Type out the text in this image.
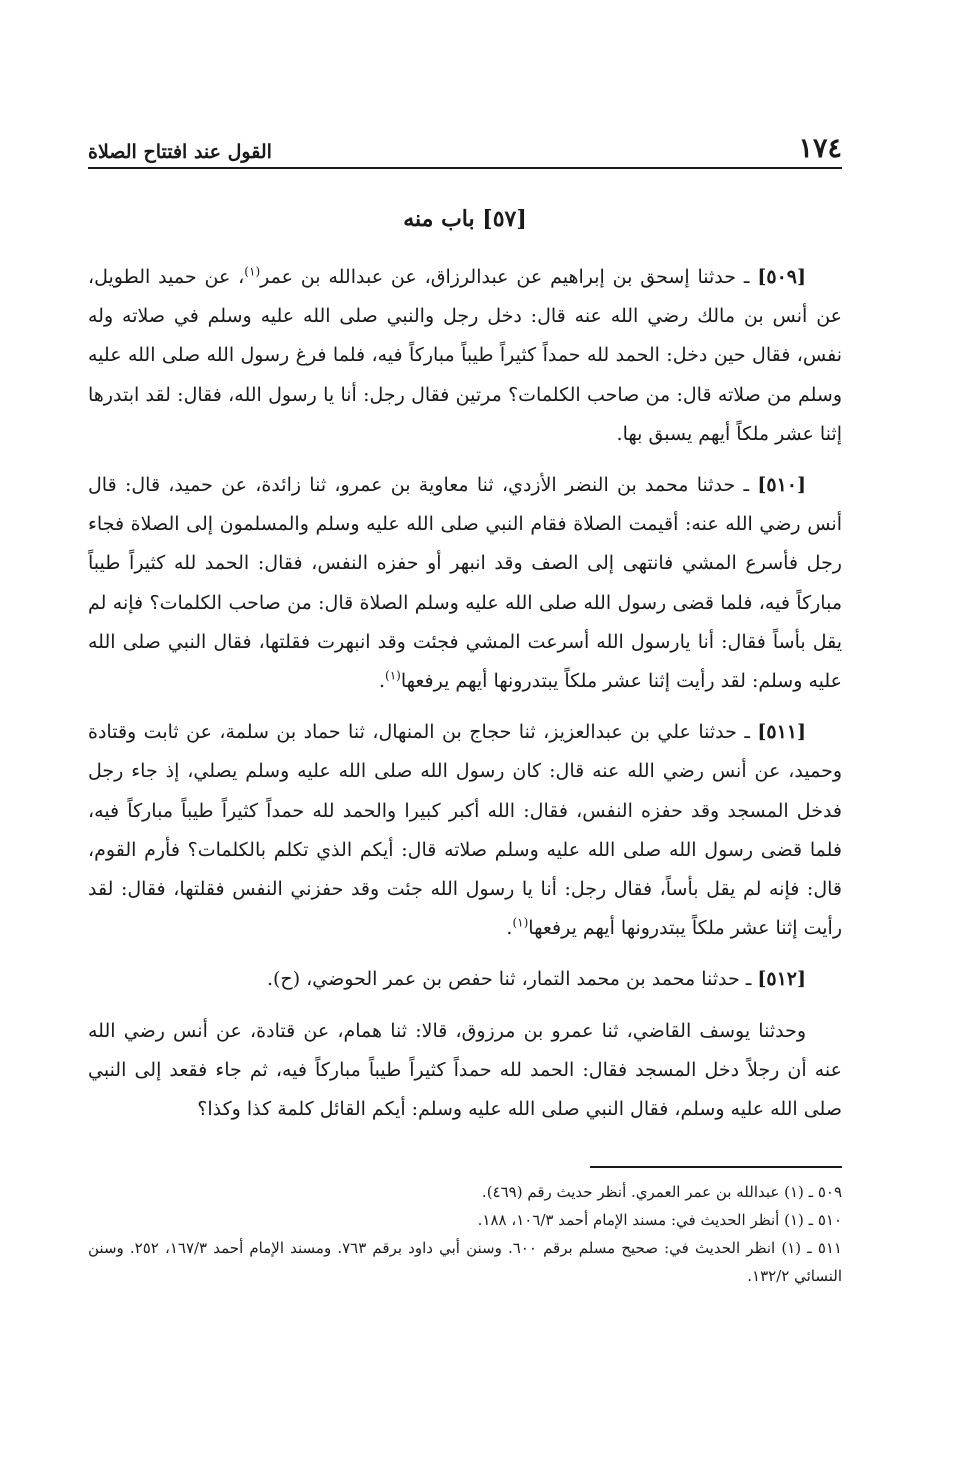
١٧٤
القول عند افتتاح الصلاة
[٥٧] باب منه

[٥٠٩] ـ حدثنا إسحق بن إبراهيم عن عبدالرزاق، عن عبدالله بن عمر$^{(١)}$، عن حميد الطويل، عن أنس بن مالك رضي الله عنه قال: دخل رجل والنبي صلى الله عليه وسلم في صلاته وله نفس، فقال حين دخل: الحمد لله حمداً كثيراً طيباً مباركاً فيه، فلما فرغ رسول الله صلى الله عليه وسلم من صلاته قال: من صاحب الكلمات؟ مرتين فقال رجل: أنا يا رسول الله، فقال: لقد ابتدرها إثنا عشر ملكاً أيهم يسبق بها.

[٥١٠] ـ حدثنا محمد بن النضر الأزدي، ثنا معاوية بن عمرو، ثنا زائدة، عن حميد، قال: قال أنس رضي الله عنه: أقيمت الصلاة فقام النبي صلى الله عليه وسلم والمسلمون إلى الصلاة فجاء رجل فأسرع المشي فانتهى إلى الصف وقد انبهر أو حفزه النفس، فقال: الحمد لله كثيراً طيباً مباركاً فيه، فلما قضى رسول الله صلى الله عليه وسلم الصلاة قال: من صاحب الكلمات؟ فإنه لم يقل بأساً فقال: أنا يارسول الله أسرعت المشي فجئت وقد انبهرت فقلتها، فقال النبي صلى الله عليه وسلم: لقد رأيت إثنا عشر ملكاً يبتدرونها أيهم يرفعها$^{(١)}$.

[٥١١] ـ حدثنا علي بن عبدالعزيز، ثنا حجاج بن المنهال، ثنا حماد بن سلمة، عن ثابت وقتادة وحميد، عن أنس رضي الله عنه قال: كان رسول الله صلى الله عليه وسلم يصلي، إذ جاء رجل فدخل المسجد وقد حفزه النفس، فقال: الله أكبر كبيرا والحمد لله حمداً كثيراً طيباً مباركاً فيه، فلما قضى رسول الله صلى الله عليه وسلم صلاته قال: أيكم الذي تكلم بالكلمات؟ فأرم القوم، قال: فإنه لم يقل بأساً، فقال رجل: أنا يا رسول الله جئت وقد حفزني النفس فقلتها، فقال: لقد رأيت إثنا عشر ملكاً يبتدرونها أيهم يرفعها$^{(١)}$.

[٥١٢] ـ حدثنا محمد بن محمد التمار، ثنا حفص بن عمر الحوضي، (ح).

وحدثنا يوسف القاضي، ثنا عمرو بن مرزوق، قالا: ثنا همام، عن قتادة، عن أنس رضي الله عنه أن رجلاً دخل المسجد فقال: الحمد لله حمداً كثيراً طيباً مباركاً فيه، ثم جاء فقعد إلى النبي صلى الله عليه وسلم، فقال النبي صلى الله عليه وسلم: أيكم القائل كلمة كذا وكذا؟

٥٠٩ ـ (١) عبدالله بن عمر العمري. أنظر حديث رقم (٤٦٩).

٥١٠ ـ (١) أنظر الحديث في: مسند الإمام أحمد ١٠٦/٣، ١٨٨.

٥١١ ـ (١) انظر الحديث في: صحيح مسلم برقم ٦٠٠. وسنن أبي داود برقم ٧٦٣. ومسند الإمام أحمد ١٦٧/٣، ٢٥٢. وسنن النسائي ١٣٢/٢.
